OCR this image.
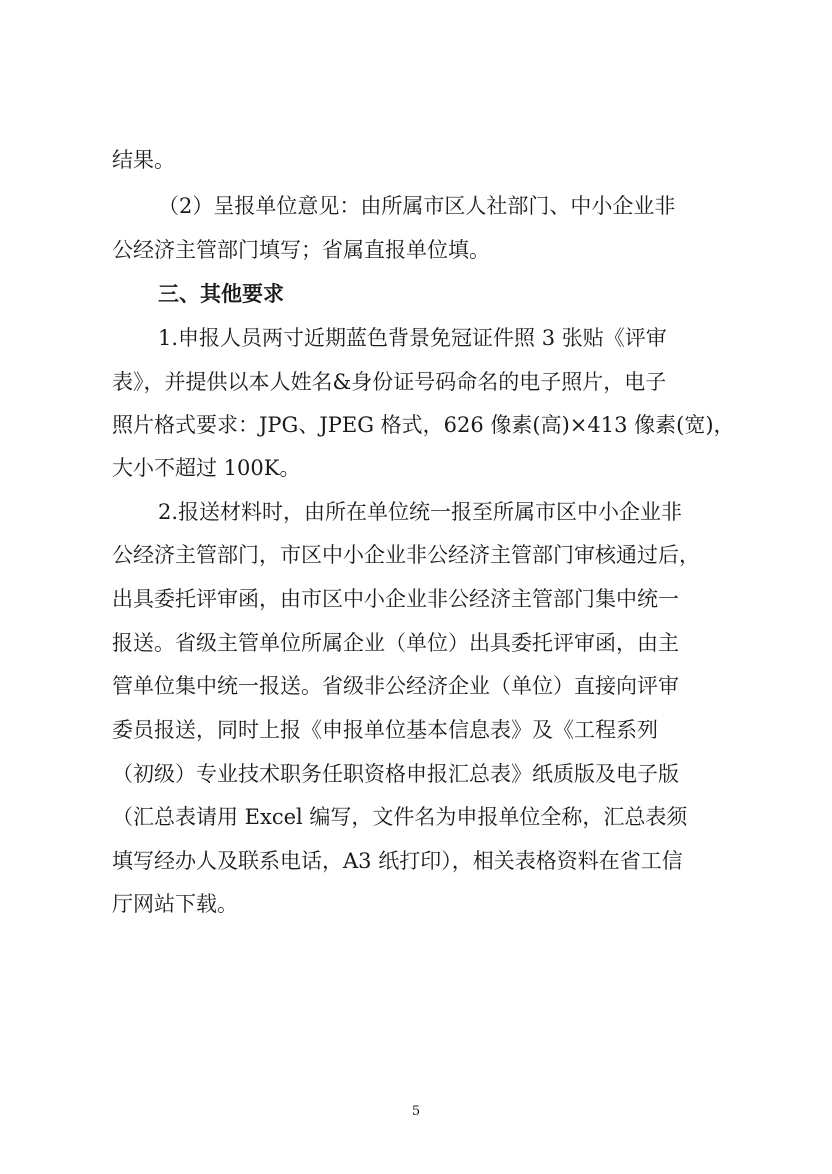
结果。
（2）呈报单位意见：由所属市区人社部门、中小企业非
公经济主管部门填写；省属直报单位填。
三、其他要求
1.申报人员两寸近期蓝色背景免冠证件照 3 张贴《评审
表》，并提供以本人姓名&身份证号码命名的电子照片，电子
照片格式要求：JPG、JPEG 格式，626 像素(高)×413 像素(宽)，
大小不超过 100K。
2.报送材料时，由所在单位统一报至所属市区中小企业非
公经济主管部门，市区中小企业非公经济主管部门审核通过后，
出具委托评审函，由市区中小企业非公经济主管部门集中统一
报送。省级主管单位所属企业（单位）出具委托评审函，由主
管单位集中统一报送。省级非公经济企业（单位）直接向评审
委员报送，同时上报《申报单位基本信息表》及《工程系列
（初级）专业技术职务任职资格申报汇总表》纸质版及电子版
（汇总表请用 Excel 编写，文件名为申报单位全称，汇总表须
填写经办人及联系电话，A3 纸打印），相关表格资料在省工信
厅网站下载。
5
